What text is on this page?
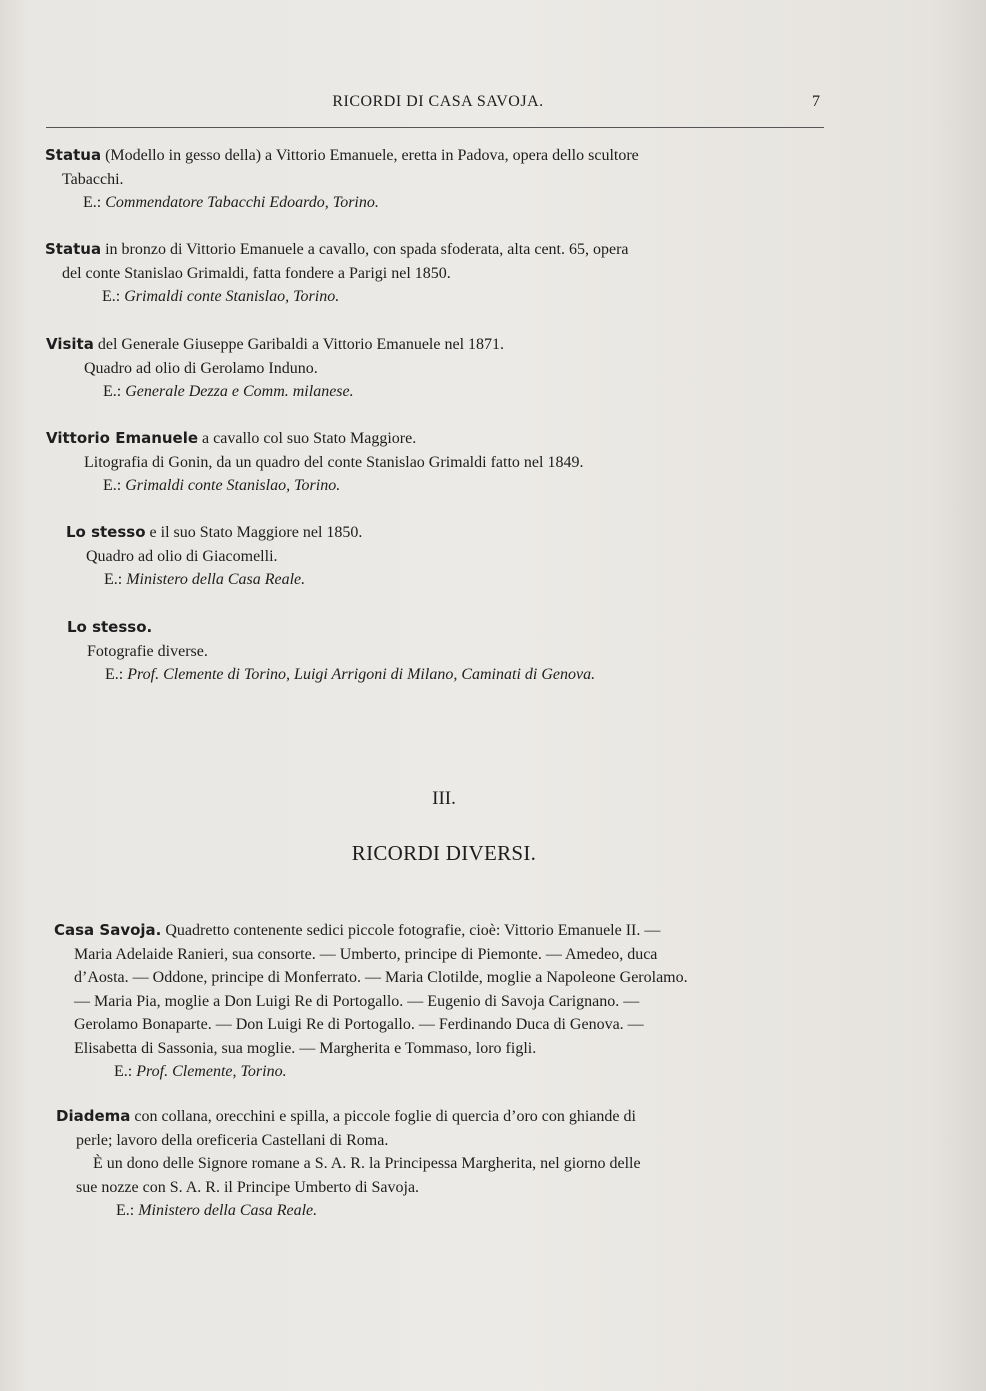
RICORDI DI CASA SAVOJA.	7

Statua (Modello in gesso della) a Vittorio Emanuele, eretta in Padova, opera dello scultore

Tabacchi.

E.: Commendatore Tabacchi Edoardo, Torino.

Statua in bronzo di Vittorio Emanuele a cavallo, con spada sfoderata, alta cent. 65, opera

del conte Stanislao Grimaldi, fatta fondere a Parigi nel 1850.

E.: Grimaldi conte Stanislao, Torino.

Visita del Generale Giuseppe Garibaldi a Vittorio Emanuele nel 1871.

Quadro ad olio di Gerolamo Induno.

E.: Generale Dezza e Comm. milanese.

Vittorio Emanuele a cavallo col suo Stato Maggiore.

Litografia di Gonin, da un quadro del conte Stanislao Grimaldi fatto nel 1849.

E.: Grimaldi conte Stanislao, Torino.

Lo stesso e il suo Stato Maggiore nel 1850.

Quadro ad olio di Giacomelli.

E.: Ministero della Casa Reale.

Lo stesso.

Fotografie diverse.

E.: Prof. Clemente di Torino, Luigi Arrigoni di Milano, Caminati di Genova.

III.
RICORDI DIVERSI.

Casa Savoja. Quadretto contenente sedici piccole fotografie, cioè: Vittorio Emanuele II. —

Maria Adelaide Ranieri, sua consorte. — Umberto, principe di Piemonte. — Amedeo, duca

d’Aosta. — Oddone, principe di Monferrato. — Maria Clotilde, moglie a Napoleone Gerolamo.

— Maria Pia, moglie a Don Luigi Re di Portogallo. — Eugenio di Savoja Carignano. —

Gerolamo Bonaparte. — Don Luigi Re di Portogallo. — Ferdinando Duca di Genova. —

Elisabetta di Sassonia, sua moglie. — Margherita e Tommaso, loro figli.

E.: Prof. Clemente, Torino.

Diadema con collana, orecchini e spilla, a piccole foglie di quercia d’oro con ghiande di

perle; lavoro della oreficeria Castellani di Roma.

È un dono delle Signore romane a S. A. R. la Principessa Margherita, nel giorno delle

sue nozze con S. A. R. il Principe Umberto di Savoja.

E.: Ministero della Casa Reale.
